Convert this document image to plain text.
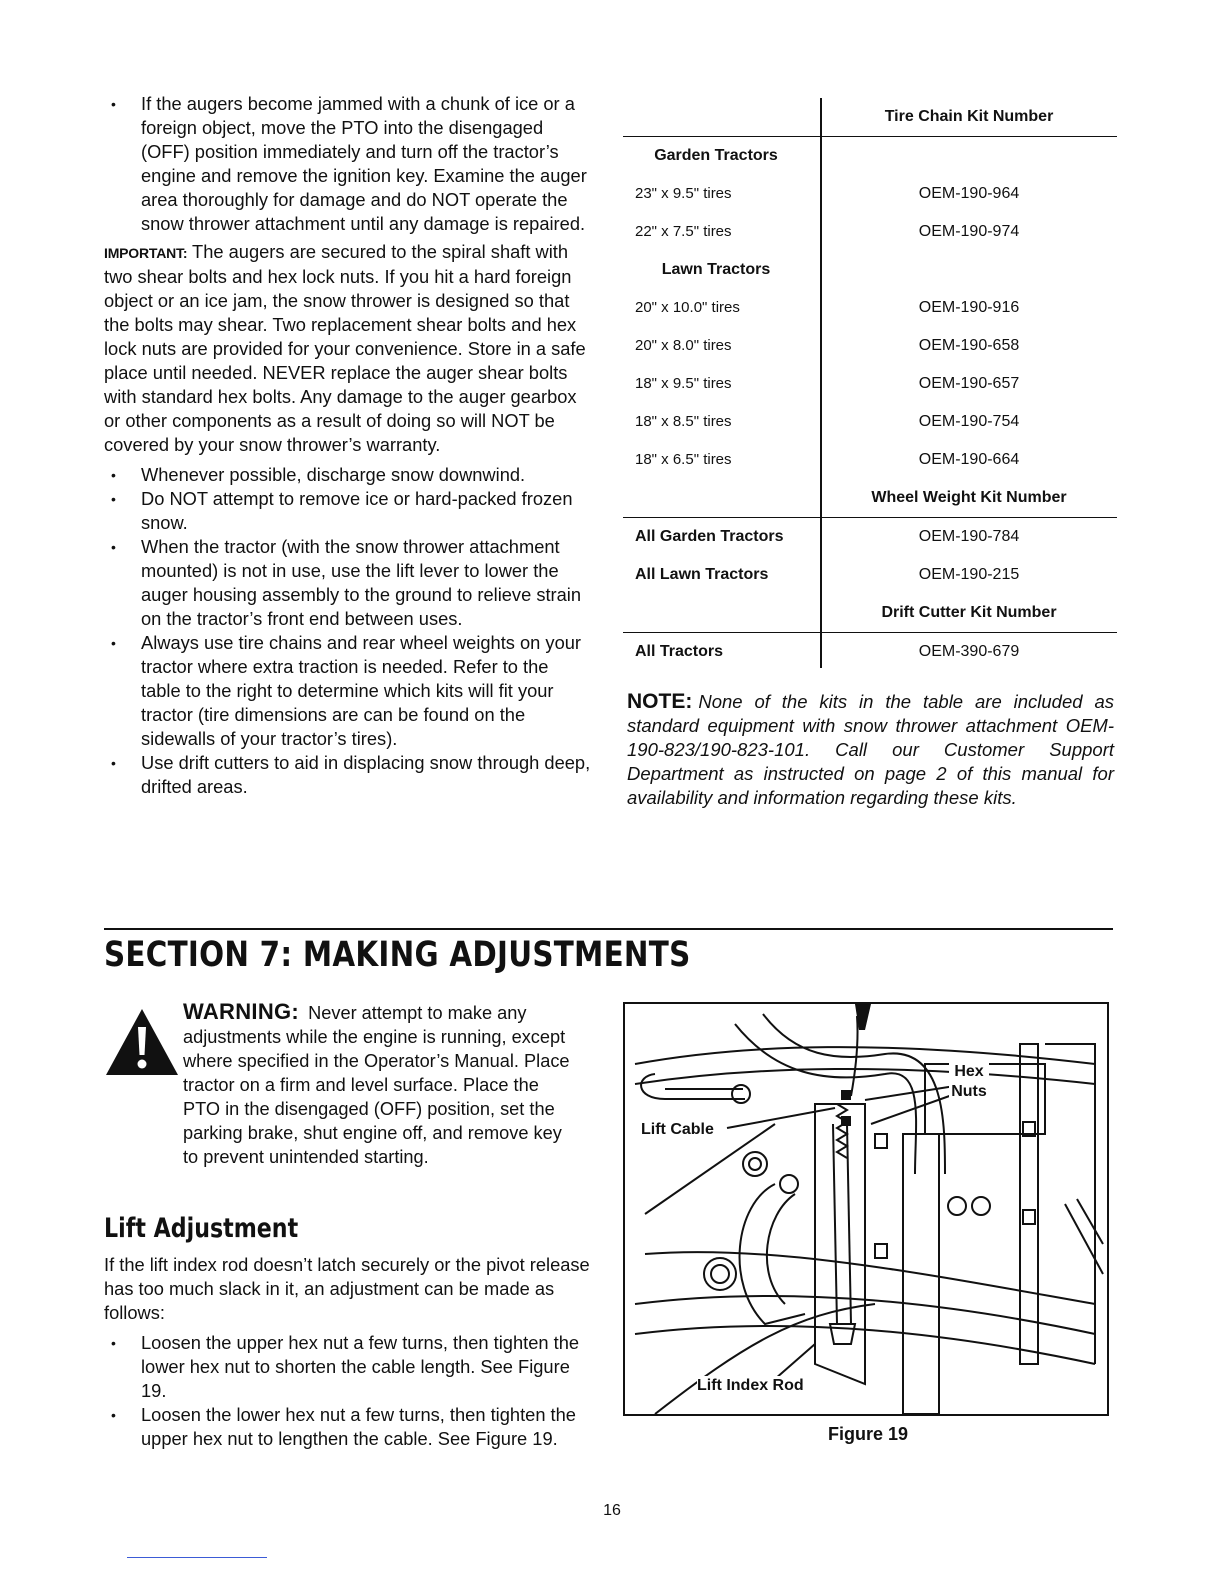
• If the augers become jammed with a chunk of ice or a foreign object, move the PTO into the disengaged (OFF) position immediately and turn off the tractor’s engine and remove the ignition key. Examine the auger area thoroughly for damage and do NOT operate the snow thrower attachment until any damage is repaired.

IMPORTANT: The augers are secured to the spiral shaft with two shear bolts and hex lock nuts. If you hit a hard foreign object or an ice jam, the snow thrower is designed so that the bolts may shear. Two replacement shear bolts and hex lock nuts are provided for your convenience. Store in a safe place until needed. NEVER replace the auger shear bolts with standard hex bolts. Any damage to the auger gearbox or other components as a result of doing so will NOT be covered by your snow thrower’s warranty.

• Whenever possible, discharge snow downwind.
• Do NOT attempt to remove ice or hard-packed frozen snow.
• When the tractor (with the snow thrower attachment mounted) is not in use, use the lift lever to lower the auger housing assembly to the ground to relieve strain on the tractor’s front end between uses.
• Always use tire chains and rear wheel weights on your tractor where extra traction is needed. Refer to the table to the right to determine which kits will fit your tractor (tire dimensions are can be found on the sidewalls of your tractor’s tires).
• Use drift cutters to aid in displacing snow through deep, drifted areas.
Tire Chain Kit Number
Garden Tractors
23" x 9.5" tires	OEM-190-964
22" x 7.5" tires	OEM-190-974
Lawn Tractors
20" x 10.0" tires	OEM-190-916
20" x 8.0" tires	OEM-190-658
18" x 9.5" tires	OEM-190-657
18" x 8.5" tires	OEM-190-754
18" x 6.5" tires	OEM-190-664
Wheel Weight Kit Number
All Garden Tractors	OEM-190-784
All Lawn Tractors	OEM-190-215
Drift Cutter Kit Number
All Tractors	OEM-390-679

NOTE: None of the kits in the table are included as standard equipment with snow thrower attachment OEM-190-823/190-823-101. Call our Customer Support Department as instructed on page 2 of this manual for availability and information regarding these kits.

SECTION 7: MAKING ADJUSTMENTS

WARNING: Never attempt to make any adjustments while the engine is running, except where specified in the Operator’s Manual. Place tractor on a firm and level surface. Place the PTO in the disengaged (OFF) position, set the parking brake, shut engine off, and remove key to prevent unintended starting.

Lift Adjustment

If the lift index rod doesn’t latch securely or the pivot release has too much slack in it, an adjustment can be made as follows:

• Loosen the upper hex nut a few turns, then tighten the lower hex nut to shorten the cable length. See Figure 19.
• Loosen the lower hex nut a few turns, then tighten the upper hex nut to lengthen the cable. See Figure 19.
Hex
Nuts
Lift Cable
Lift Index Rod
Figure 19
16
